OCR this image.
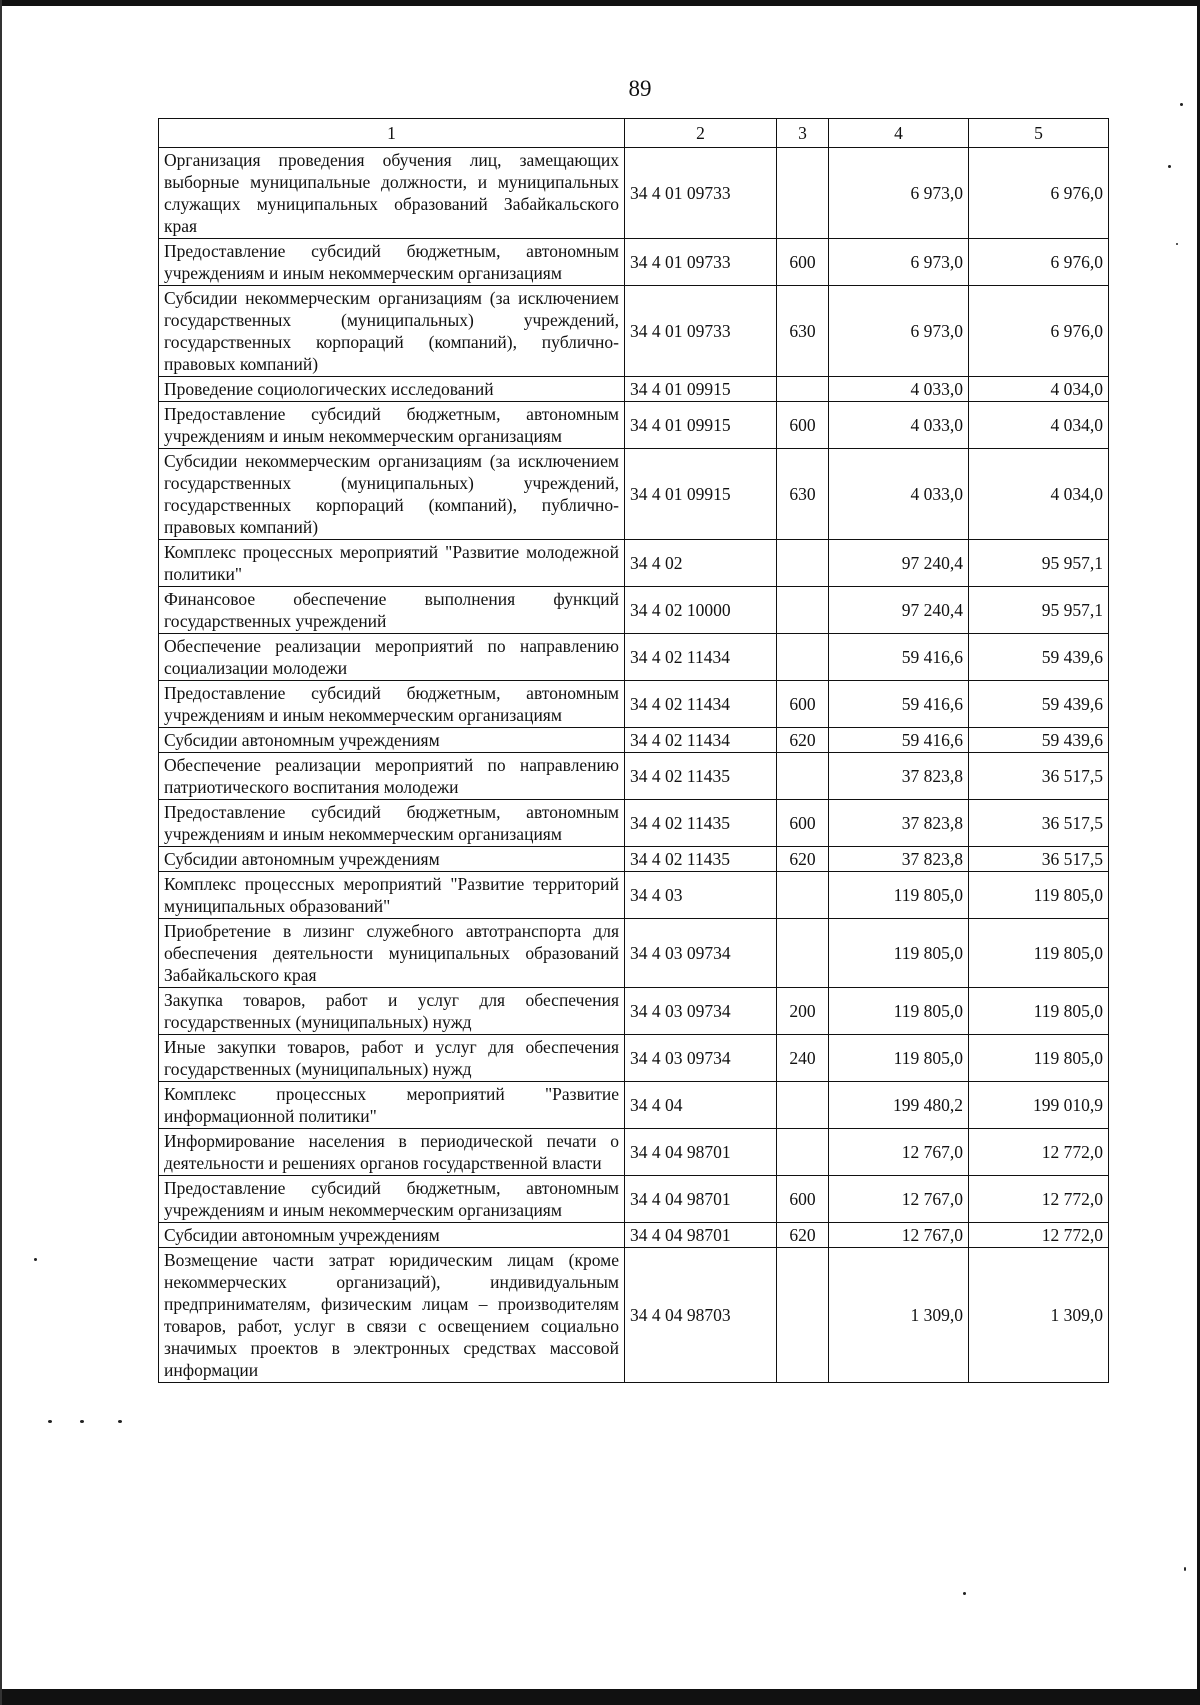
89
1	2	3	4	5
Организация проведения обучения лиц, замещающих выборные муниципальные должности, и муниципальных служащих муниципальных образований Забайкальского края	34 4 01 09733		6 973,0	6 976,0
Предоставление субсидий бюджетным, автономным учреждениям и иным некоммерческим организациям	34 4 01 09733	600	6 973,0	6 976,0
Субсидии некоммерческим организациям (за исключением государственных (муниципальных) учреждений, государственных корпораций (компаний), публично-правовых компаний)	34 4 01 09733	630	6 973,0	6 976,0
Проведение социологических исследований	34 4 01 09915		4 033,0	4 034,0
Предоставление субсидий бюджетным, автономным учреждениям и иным некоммерческим организациям	34 4 01 09915	600	4 033,0	4 034,0
Субсидии некоммерческим организациям (за исключением государственных (муниципальных) учреждений, государственных корпораций (компаний), публично-правовых компаний)	34 4 01 09915	630	4 033,0	4 034,0
Комплекс процессных мероприятий "Развитие молодежной политики"	34 4 02		97 240,4	95 957,1
Финансовое обеспечение выполнения функций государственных учреждений	34 4 02 10000		97 240,4	95 957,1
Обеспечение реализации мероприятий по направлению социализации молодежи	34 4 02 11434		59 416,6	59 439,6
Предоставление субсидий бюджетным, автономным учреждениям и иным некоммерческим организациям	34 4 02 11434	600	59 416,6	59 439,6
Субсидии автономным учреждениям	34 4 02 11434	620	59 416,6	59 439,6
Обеспечение реализации мероприятий по направлению патриотического воспитания молодежи	34 4 02 11435		37 823,8	36 517,5
Предоставление субсидий бюджетным, автономным учреждениям и иным некоммерческим организациям	34 4 02 11435	600	37 823,8	36 517,5
Субсидии автономным учреждениям	34 4 02 11435	620	37 823,8	36 517,5
Комплекс процессных мероприятий "Развитие территорий муниципальных образований"	34 4 03		119 805,0	119 805,0
Приобретение в лизинг служебного автотранспорта для обеспечения деятельности муниципальных образований Забайкальского края	34 4 03 09734		119 805,0	119 805,0
Закупка товаров, работ и услуг для обеспечения государственных (муниципальных) нужд	34 4 03 09734	200	119 805,0	119 805,0
Иные закупки товаров, работ и услуг для обеспечения государственных (муниципальных) нужд	34 4 03 09734	240	119 805,0	119 805,0
Комплекс процессных мероприятий "Развитие информационной политики"	34 4 04		199 480,2	199 010,9
Информирование населения в периодической печати о деятельности и решениях органов государственной власти	34 4 04 98701		12 767,0	12 772,0
Предоставление субсидий бюджетным, автономным учреждениям и иным некоммерческим организациям	34 4 04 98701	600	12 767,0	12 772,0
Субсидии автономным учреждениям	34 4 04 98701	620	12 767,0	12 772,0
Возмещение части затрат юридическим лицам (кроме некоммерческих организаций), индивидуальным предпринимателям, физическим лицам – производителям товаров, работ, услуг в связи с освещением социально значимых проектов в электронных средствах массовой информации	34 4 04 98703		1 309,0	1 309,0
